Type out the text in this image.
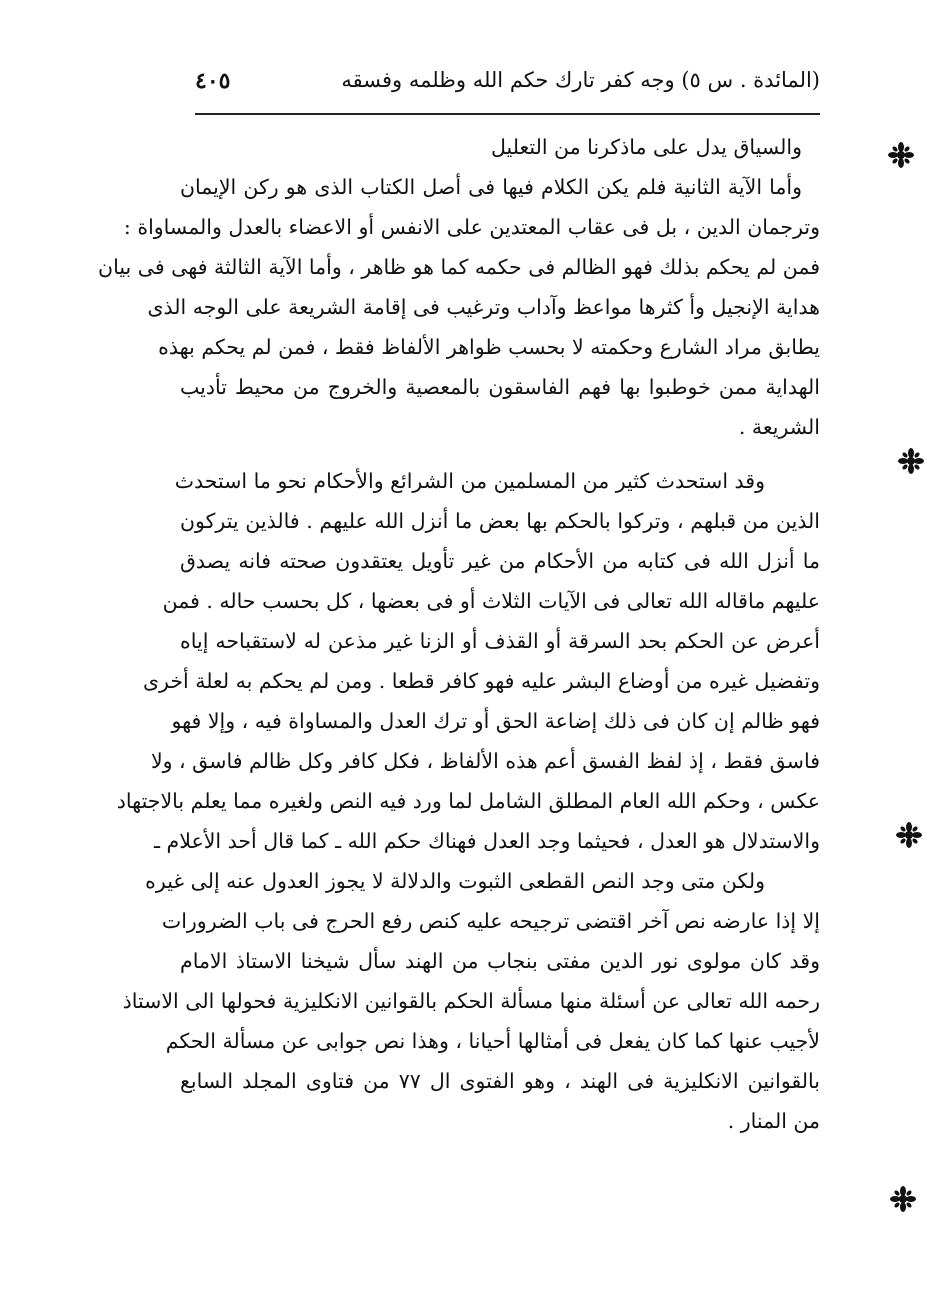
(المائدة . س ٥) وجه كفر تارك حكم الله وظلمه وفسقه
٤٠٥
والسياق يدل على ماذكرنا من التعليل
وأما الآية الثانية فلم يكن الكلام فيها فى أصل الكتاب الذى هو ركن الإيمان
وترجمان الدين ، بل فى عقاب المعتدين على الانفس أو الاعضاء بالعدل والمساواة :
فمن لم يحكم بذلك فهو الظالم فى حكمه كما هو ظاهر ، وأما الآية الثالثة فهى فى بيان
هداية الإنجيل وأ كثرها مواعظ وآداب وترغيب فى إقامة الشريعة على الوجه الذى
يطابق مراد الشارع وحكمته لا بحسب ظواهر الألفاظ فقط ، فمن لم يحكم بهذه
الهداية ممن خوطبوا بها فهم الفاسقون بالمعصية والخروج من محيط تأديب
الشريعة .
وقد استحدث كثير من المسلمين من الشرائع والأحكام نحو ما استحدث
الذين من قبلهم ، وتركوا بالحكم بها بعض ما أنزل الله عليهم . فالذين يتركون
ما أنزل الله فى كتابه من الأحكام من غير تأويل يعتقدون صحته فانه يصدق
عليهم ماقاله الله تعالى فى الآيات الثلاث أو فى بعضها ، كل بحسب حاله . فمن
أعرض عن الحكم بحد السرقة أو القذف أو الزنا غير مذعن له لاستقباحه إياه
وتفضيل غيره من أوضاع البشر عليه فهو كافر قطعا . ومن لم يحكم به لعلة أخرى
فهو ظالم إن كان فى ذلك إضاعة الحق أو ترك العدل والمساواة فيه ، وإلا فهو
فاسق فقط ، إذ لفظ الفسق أعم هذه الألفاظ ، فكل كافر وكل ظالم فاسق ، ولا
عكس ، وحكم الله العام المطلق الشامل لما ورد فيه النص ولغيره مما يعلم بالاجتهاد
والاستدلال هو العدل ، فحيثما وجد العدل فهناك حكم الله ـ كما قال أحد الأعلام ـ
ولكن متى وجد النص القطعى الثبوت والدلالة لا يجوز العدول عنه إلى غيره
إلا إذا عارضه نص آخر اقتضى ترجيحه عليه كنص رفع الحرج فى باب الضرورات
وقد كان مولوى نور الدين مفتى بنجاب من الهند سأل شيخنا الاستاذ الامام
رحمه الله تعالى عن أسئلة منها مسألة الحكم بالقوانين الانكليزية فحولها الى الاستاذ
لأجيب عنها كما كان يفعل فى أمثالها أحيانا ، وهذا نص جوابى عن مسألة الحكم
بالقوانين الانكليزية فى الهند ، وهو الفتوى ال ٧٧ من فتاوى المجلد السابع
من المنار .
